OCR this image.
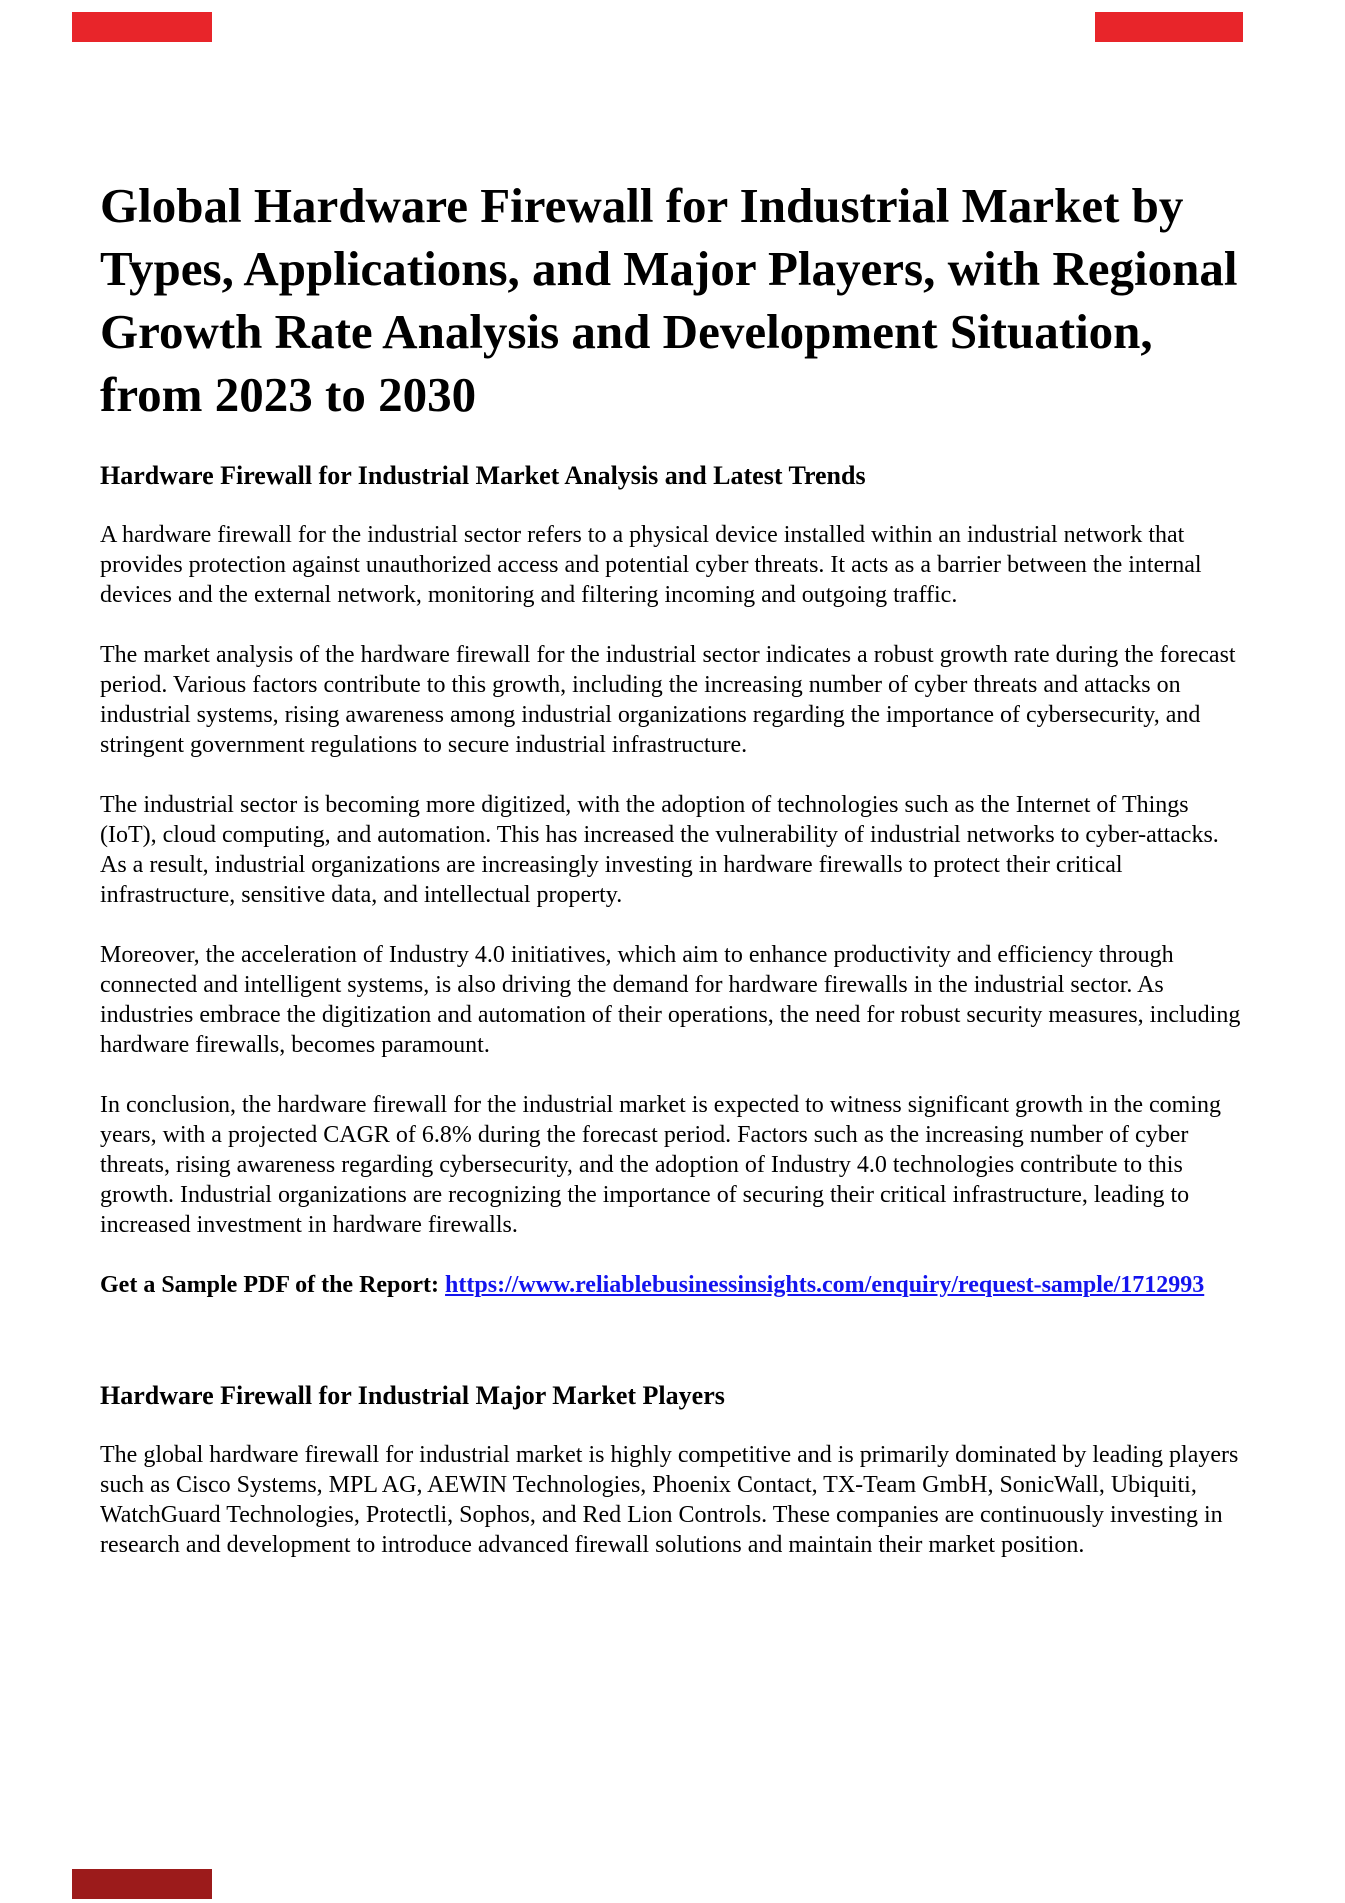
Global Hardware Firewall for Industrial Market by Types, Applications, and Major Players, with Regional Growth Rate Analysis and Development Situation, from 2023 to 2030
Hardware Firewall for Industrial Market Analysis and Latest Trends

A hardware firewall for the industrial sector refers to a physical device installed within an industrial network that provides protection against unauthorized access and potential cyber threats. It acts as a barrier between the internal devices and the external network, monitoring and filtering incoming and outgoing traffic.

The market analysis of the hardware firewall for the industrial sector indicates a robust growth rate during the forecast period. Various factors contribute to this growth, including the increasing number of cyber threats and attacks on industrial systems, rising awareness among industrial organizations regarding the importance of cybersecurity, and stringent government regulations to secure industrial infrastructure.

The industrial sector is becoming more digitized, with the adoption of technologies such as the Internet of Things (IoT), cloud computing, and automation. This has increased the vulnerability of industrial networks to cyber-attacks. As a result, industrial organizations are increasingly investing in hardware firewalls to protect their critical infrastructure, sensitive data, and intellectual property.

Moreover, the acceleration of Industry 4.0 initiatives, which aim to enhance productivity and efficiency through connected and intelligent systems, is also driving the demand for hardware firewalls in the industrial sector. As industries embrace the digitization and automation of their operations, the need for robust security measures, including hardware firewalls, becomes paramount.

In conclusion, the hardware firewall for the industrial market is expected to witness significant growth in the coming years, with a projected CAGR of 6.8% during the forecast period. Factors such as the increasing number of cyber threats, rising awareness regarding cybersecurity, and the adoption of Industry 4.0 technologies contribute to this growth. Industrial organizations are recognizing the importance of securing their critical infrastructure, leading to increased investment in hardware firewalls.

Get a Sample PDF of the Report: https://www.reliablebusinessinsights.com/enquiry/request-sample/1712993

Hardware Firewall for Industrial Major Market Players

The global hardware firewall for industrial market is highly competitive and is primarily dominated by leading players such as Cisco Systems, MPL AG, AEWIN Technologies, Phoenix Contact, TX-Team GmbH, SonicWall, Ubiquiti, WatchGuard Technologies, Protectli, Sophos, and Red Lion Controls. These companies are continuously investing in research and development to introduce advanced firewall solutions and maintain their market position.
